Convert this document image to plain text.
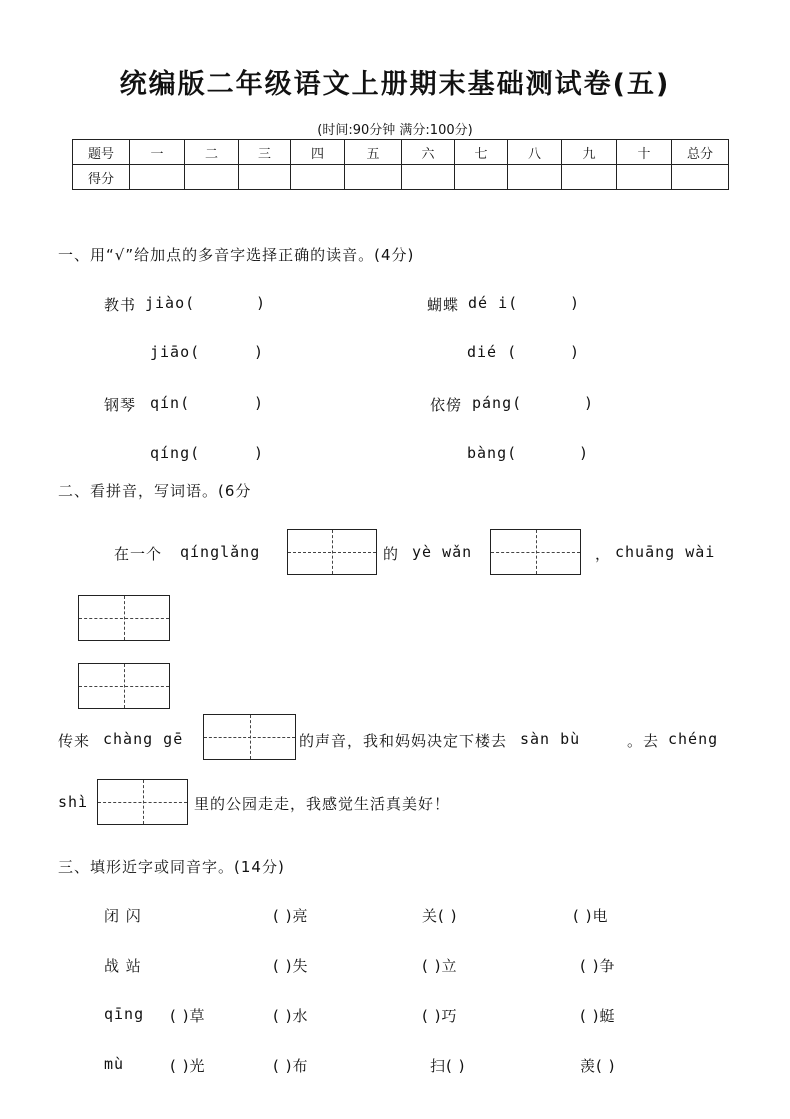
统编版二年级语文上册期末基础测试卷(五)
(时间:90分钟 满分:100分)
题号	一	二	三	四	五	六	七	八	九	十	总分
得分											
一、用“√”给加点的多音字选择正确的读音。(4分)
教书 jiào(	)
jiāo(	)
蝴蝶 dé i(	)
dié (	)
钢琴 qín(	)
qíng(	)
依傍 páng(	)
bàng(	)
二、看拼音，写词语。(6分
在一个 qínglǎng	的 yè wǎn	， chuāng wài
传来 chàng gē	的声音，我和妈妈决定下楼去 sàn bù	。去 chéng
shì	里的公园走走，我感觉生活真美好！
三、填形近字或同音字。(14分)
闭 闪	( )亮	关( )	( )电
战 站	( )失	( )立	( )争
qīng ( )草	( )水	( )巧	( )蜓
mù	( )光	( )布	扫( )	羡( )
